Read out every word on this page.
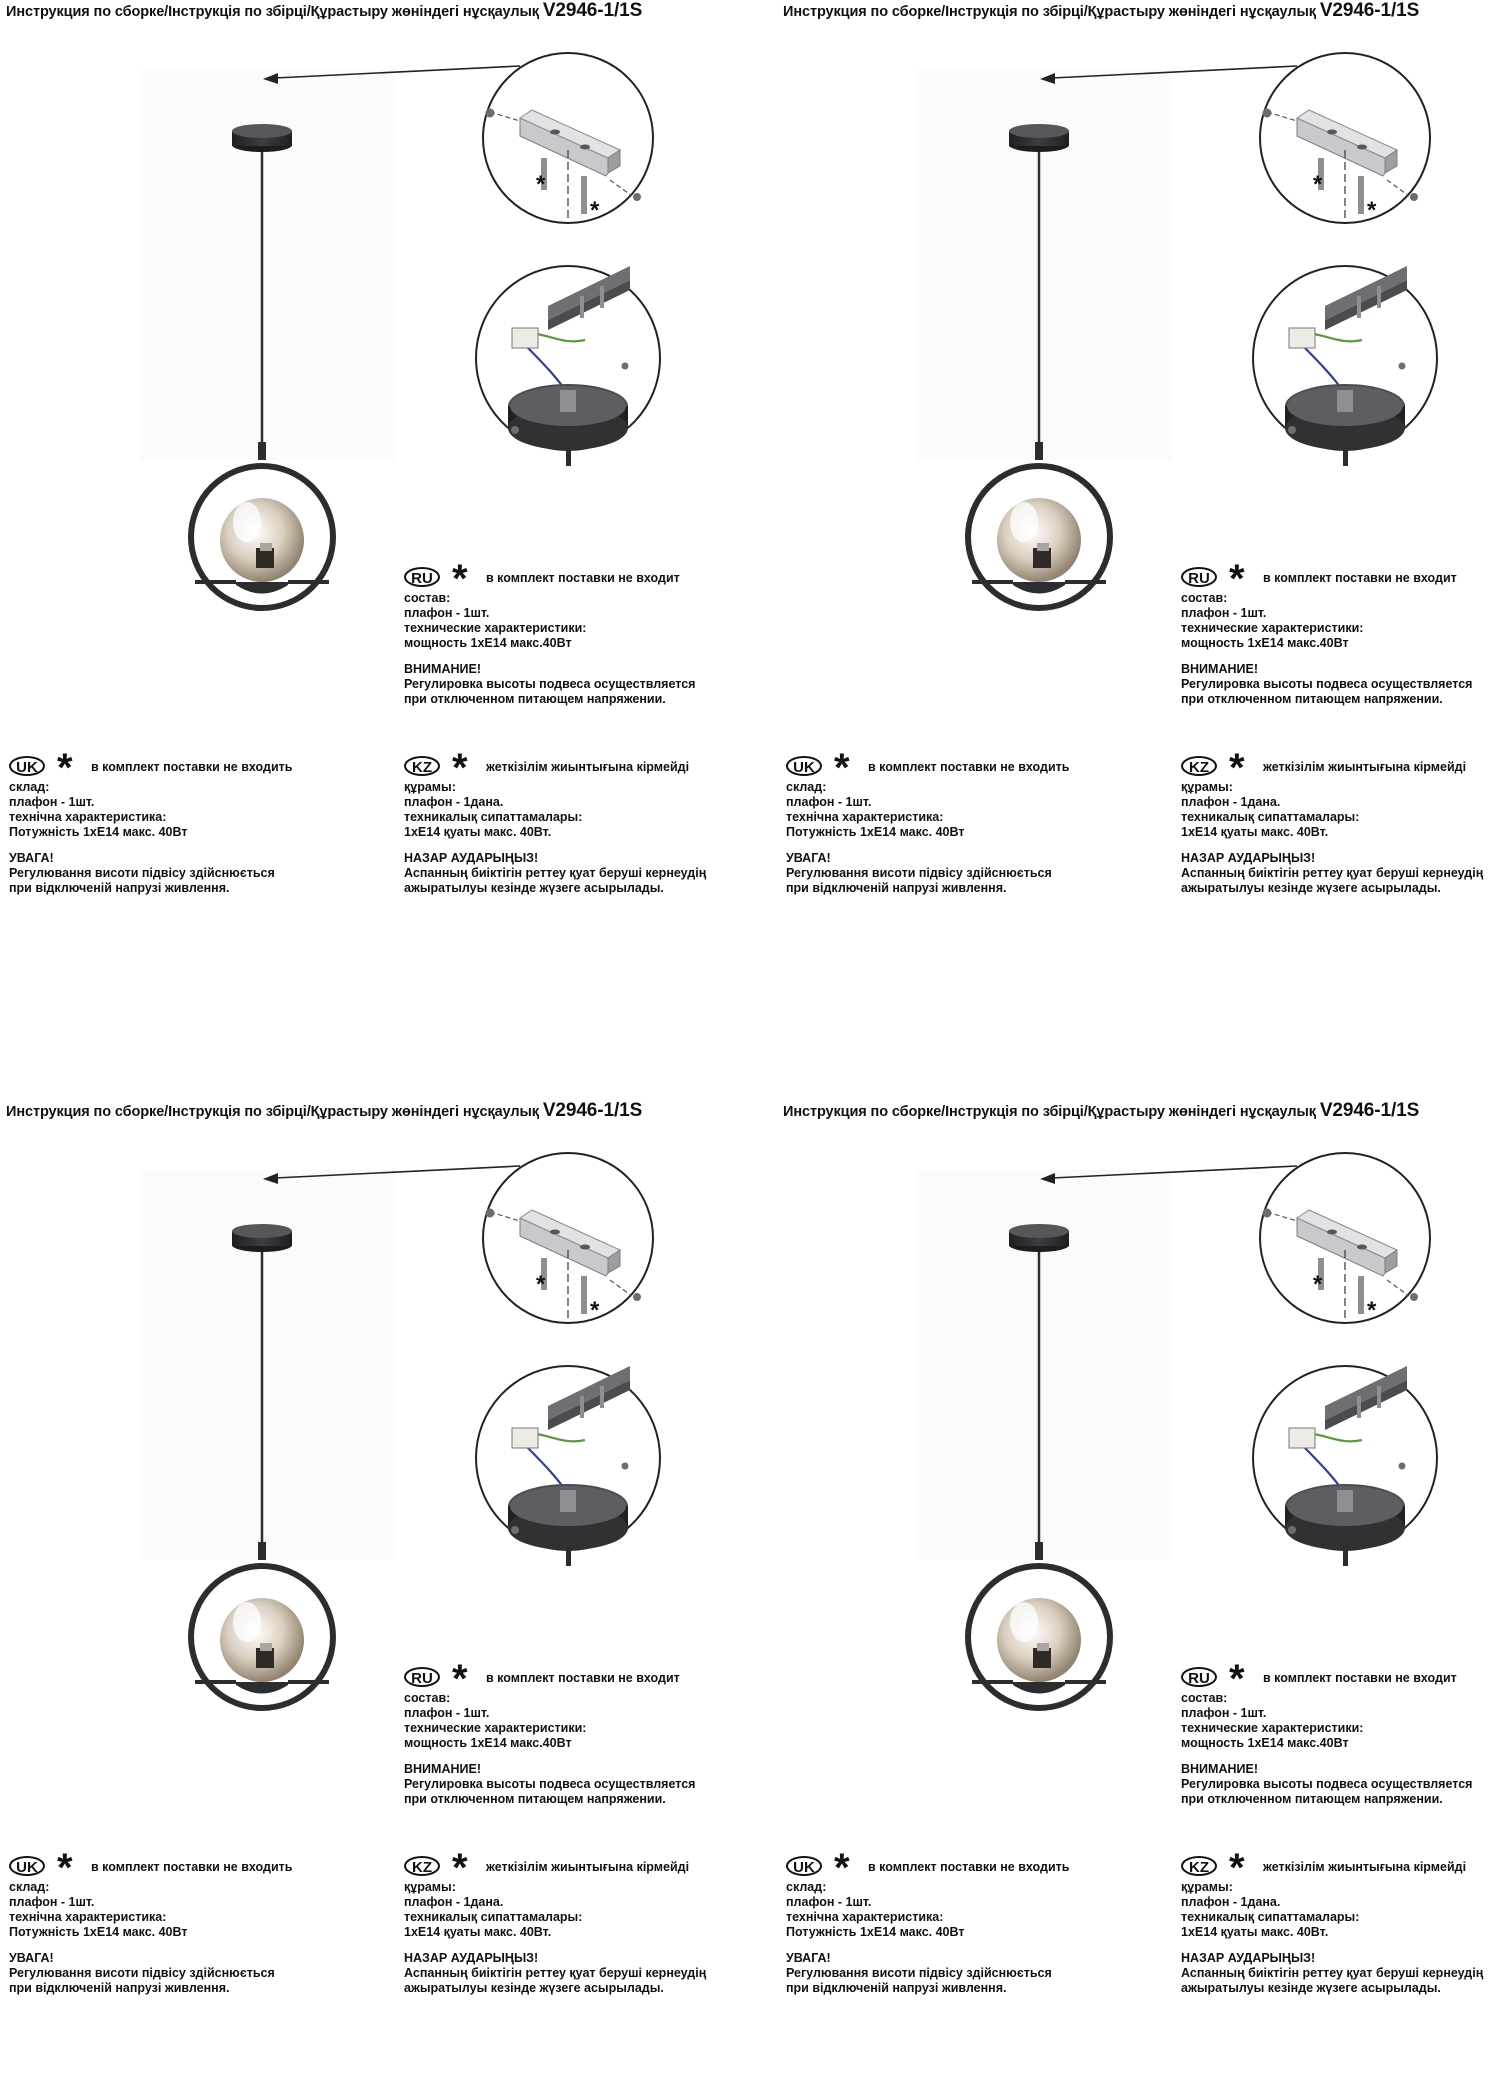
Инструкция по сборке/Інструкція по збірці/Құрастыру жөніндегі нұсқаулық V2946-1/1S
*
*
RU * в комплект поставки не входит
состав:
плафон - 1шт.
технические характеристики:
мощность 1хE14 макс.40Вт
ВНИМАНИЕ!
Регулировка высоты подвеса осуществляется
при отключенном питающем напряжении.
UK * в комплект поставки не входить
склад:
плафон - 1шт.
технічна характеристика:
Потужність 1хE14 макс. 40Вт
УВАГА!
Регулювання висоти підвісу здійснюється
при відключеній напрузі живлення.
KZ * жеткізілім жиынтығына кірмейді
құрамы:
плафон - 1дана.
техникалық сипаттамалары:
1хE14 қуаты макс. 40Вт.
НАЗАР АУДАРЫҢЫЗ!
Аспанның биіктігін реттеу қуат беруші кернеудің
ажыратылуы кезінде жүзеге асырылады.
Инструкция по сборке/Інструкція по збірці/Құрастыру жөніндегі нұсқаулық V2946-1/1S
*
*
RU * в комплект поставки не входит
состав:
плафон - 1шт.
технические характеристики:
мощность 1хE14 макс.40Вт
ВНИМАНИЕ!
Регулировка высоты подвеса осуществляется
при отключенном питающем напряжении.
UK * в комплект поставки не входить
склад:
плафон - 1шт.
технічна характеристика:
Потужність 1хE14 макс. 40Вт
УВАГА!
Регулювання висоти підвісу здійснюється
при відключеній напрузі живлення.
KZ * жеткізілім жиынтығына кірмейді
құрамы:
плафон - 1дана.
техникалық сипаттамалары:
1хE14 қуаты макс. 40Вт.
НАЗАР АУДАРЫҢЫЗ!
Аспанның биіктігін реттеу қуат беруші кернеудің
ажыратылуы кезінде жүзеге асырылады.
Инструкция по сборке/Інструкція по збірці/Құрастыру жөніндегі нұсқаулық V2946-1/1S
*
*
RU * в комплект поставки не входит
состав:
плафон - 1шт.
технические характеристики:
мощность 1хE14 макс.40Вт
ВНИМАНИЕ!
Регулировка высоты подвеса осуществляется
при отключенном питающем напряжении.
UK * в комплект поставки не входить
склад:
плафон - 1шт.
технічна характеристика:
Потужність 1хE14 макс. 40Вт
УВАГА!
Регулювання висоти підвісу здійснюється
при відключеній напрузі живлення.
KZ * жеткізілім жиынтығына кірмейді
құрамы:
плафон - 1дана.
техникалық сипаттамалары:
1хE14 қуаты макс. 40Вт.
НАЗАР АУДАРЫҢЫЗ!
Аспанның биіктігін реттеу қуат беруші кернеудің
ажыратылуы кезінде жүзеге асырылады.
Инструкция по сборке/Інструкція по збірці/Құрастыру жөніндегі нұсқаулық V2946-1/1S
*
*
RU * в комплект поставки не входит
состав:
плафон - 1шт.
технические характеристики:
мощность 1хE14 макс.40Вт
ВНИМАНИЕ!
Регулировка высоты подвеса осуществляется
при отключенном питающем напряжении.
UK * в комплект поставки не входить
склад:
плафон - 1шт.
технічна характеристика:
Потужність 1хE14 макс. 40Вт
УВАГА!
Регулювання висоти підвісу здійснюється
при відключеній напрузі живлення.
KZ * жеткізілім жиынтығына кірмейді
құрамы:
плафон - 1дана.
техникалық сипаттамалары:
1хE14 қуаты макс. 40Вт.
НАЗАР АУДАРЫҢЫЗ!
Аспанның биіктігін реттеу қуат беруші кернеудің
ажыратылуы кезінде жүзеге асырылады.
